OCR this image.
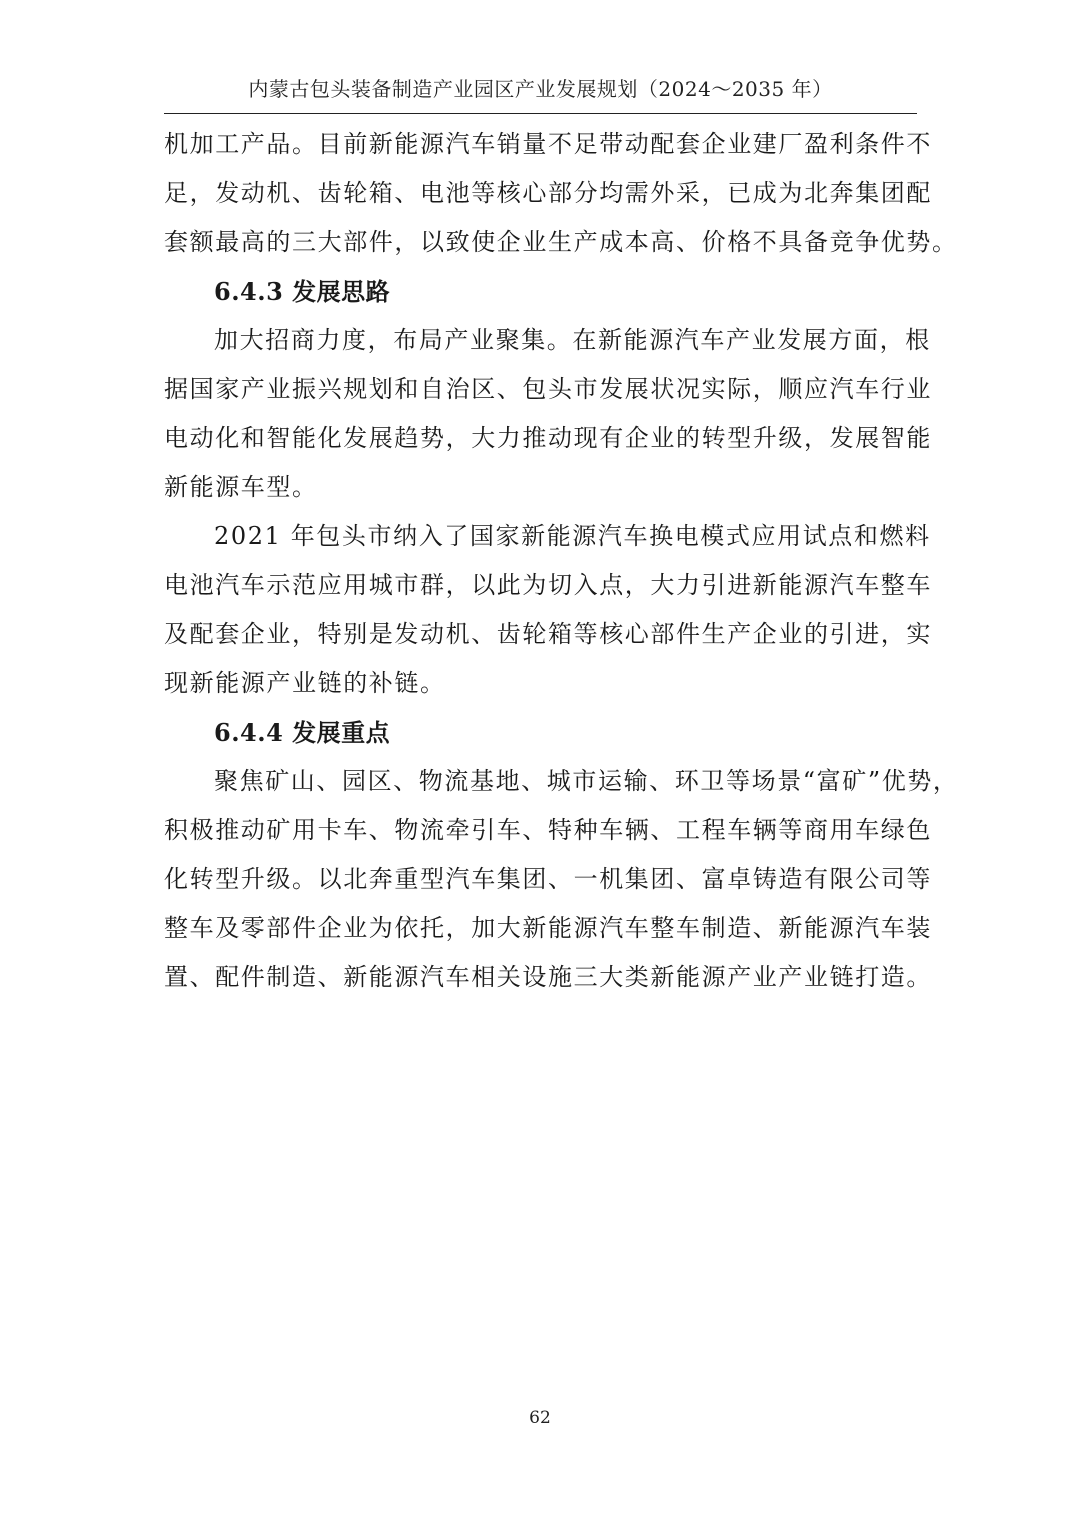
内蒙古包头装备制造产业园区产业发展规划（2024～2035 年）
机加工产品。目前新能源汽车销量不足带动配套企业建厂盈利条件不
足，发动机、齿轮箱、电池等核心部分均需外采，已成为北奔集团配
套额最高的三大部件，以致使企业生产成本高、价格不具备竞争优势。
6.4.3 发展思路
加大招商力度，布局产业聚集。在新能源汽车产业发展方面，根
据国家产业振兴规划和自治区、包头市发展状况实际，顺应汽车行业
电动化和智能化发展趋势，大力推动现有企业的转型升级，发展智能
新能源车型。
2021 年包头市纳入了国家新能源汽车换电模式应用试点和燃料
电池汽车示范应用城市群，以此为切入点，大力引进新能源汽车整车
及配套企业，特别是发动机、齿轮箱等核心部件生产企业的引进，实
现新能源产业链的补链。
6.4.4 发展重点
聚焦矿山、园区、物流基地、城市运输、环卫等场景“富矿”优势，
积极推动矿用卡车、物流牵引车、特种车辆、工程车辆等商用车绿色
化转型升级。以北奔重型汽车集团、一机集团、富卓铸造有限公司等
整车及零部件企业为依托，加大新能源汽车整车制造、新能源汽车装
置、配件制造、新能源汽车相关设施三大类新能源产业产业链打造。
62
